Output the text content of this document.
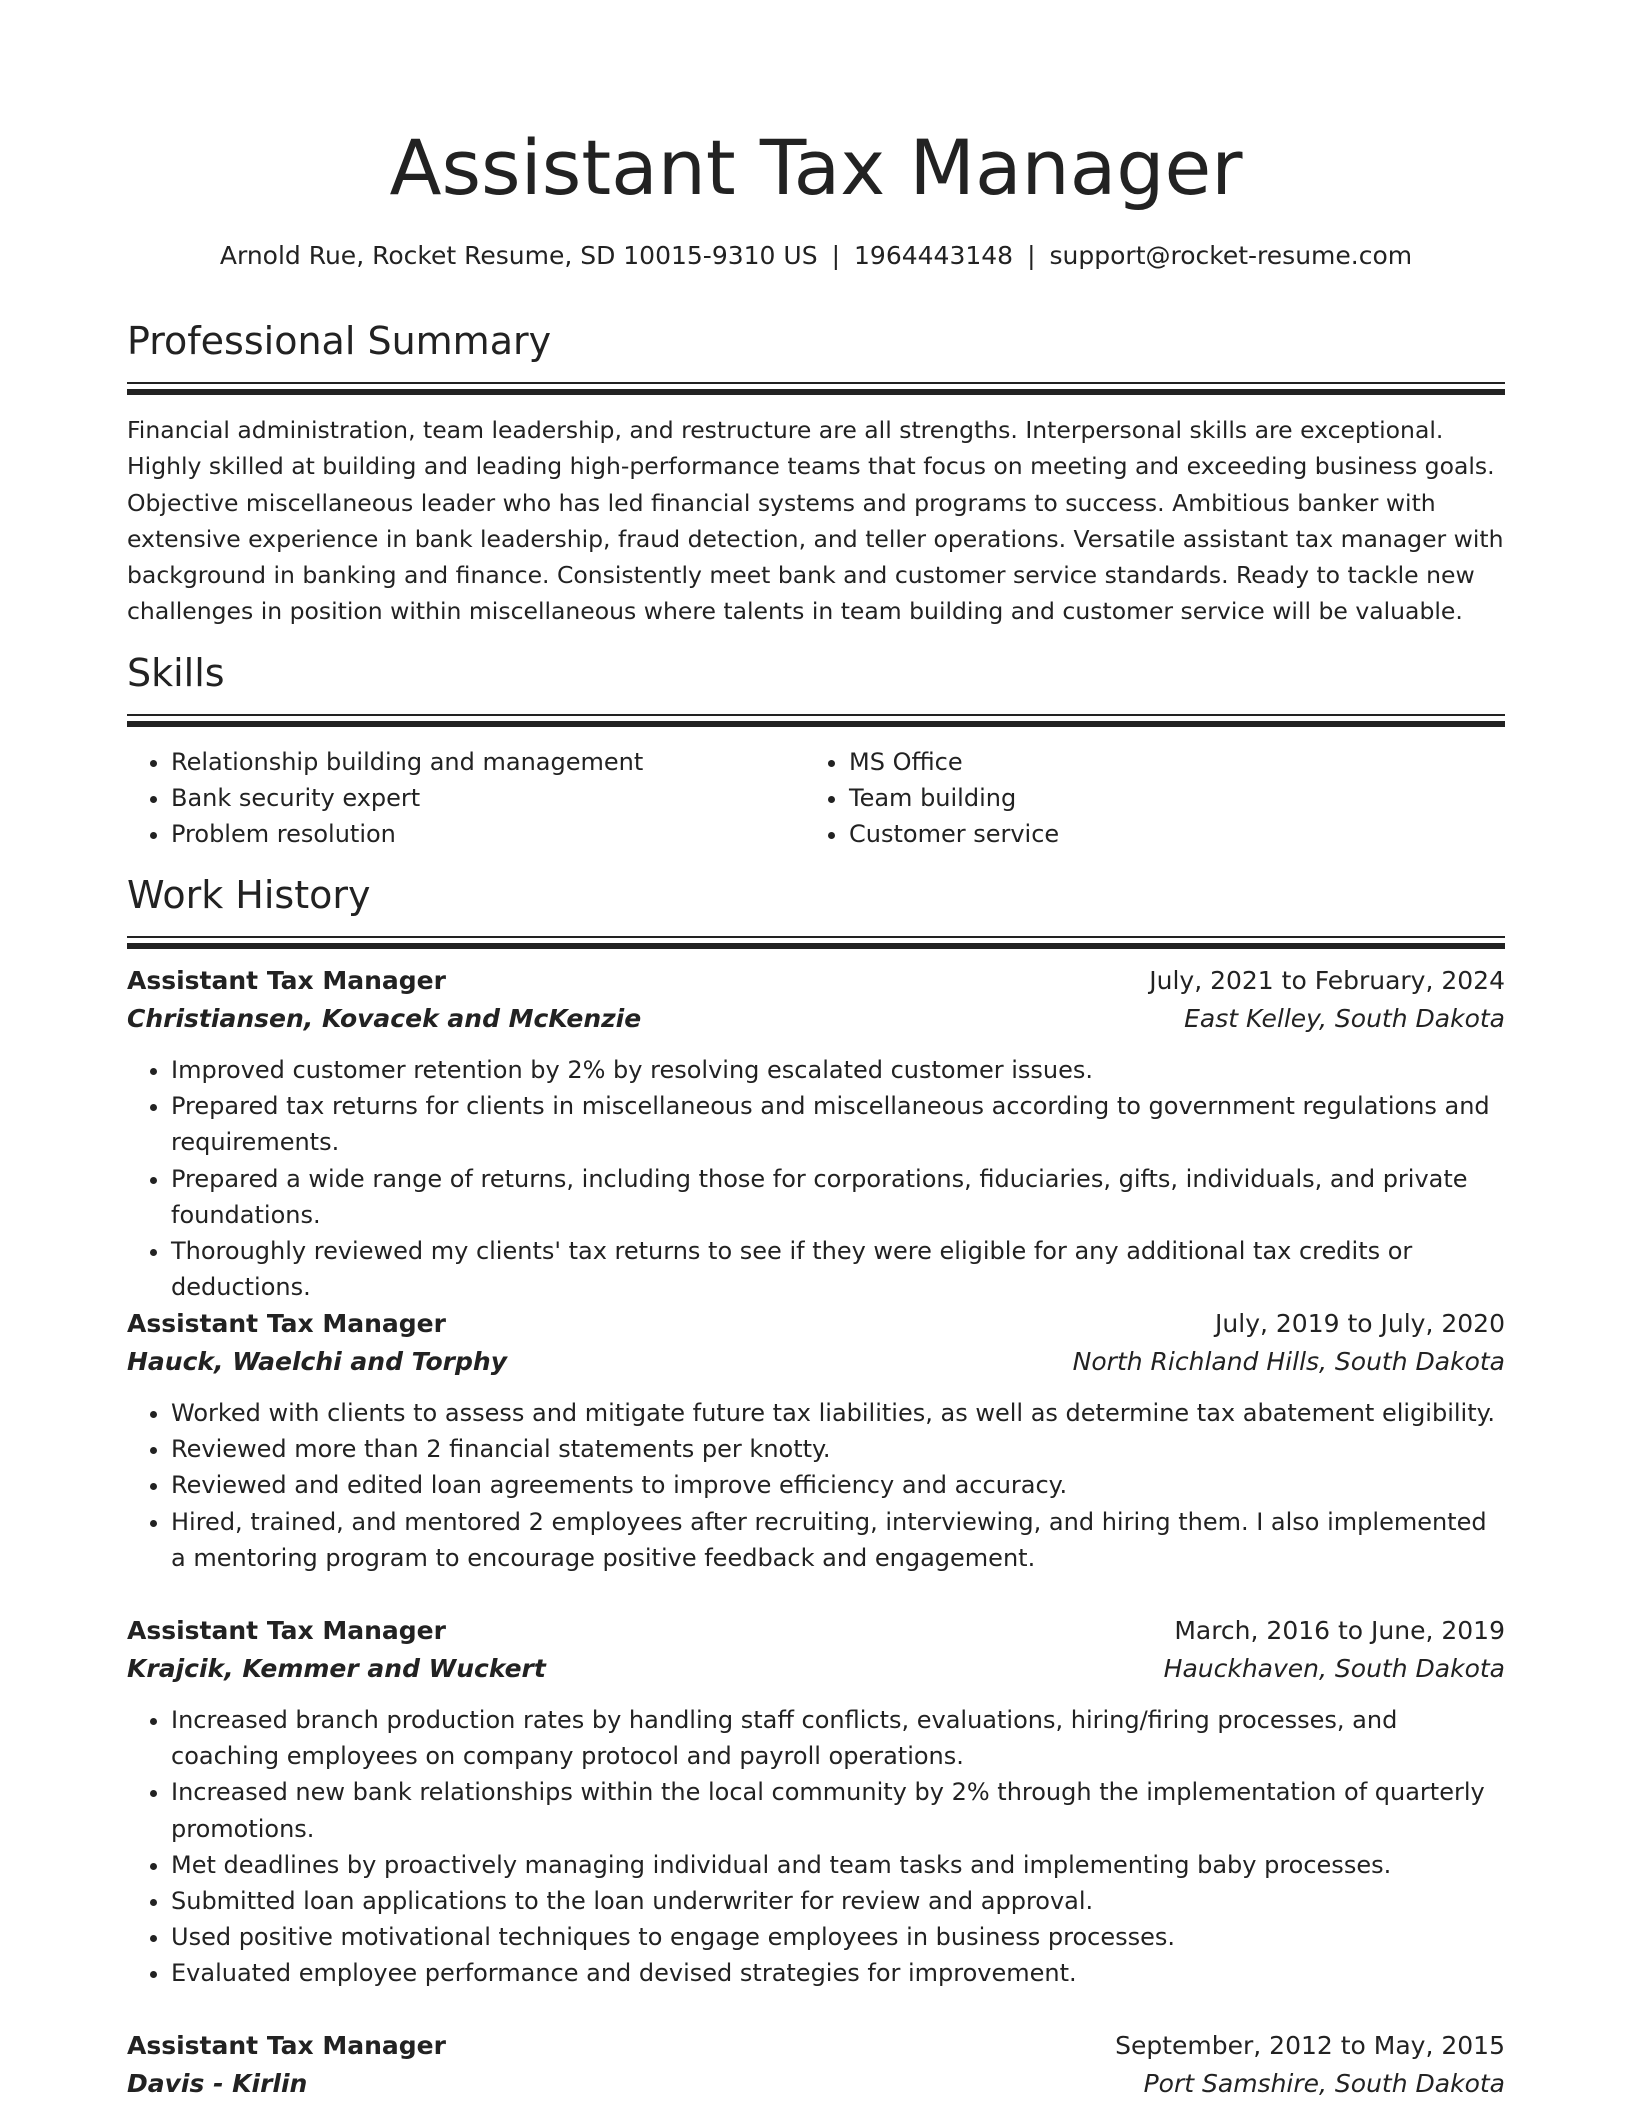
Assistant Tax Manager
Arnold Rue, Rocket Resume, SD 10015-9310 US | 1964443148 | support@rocket-resume.com
Professional Summary

Financial administration, team leadership, and restructure are all strengths. Interpersonal skills are exceptional. Highly skilled at building and leading high-performance teams that focus on meeting and exceeding business goals. Objective miscellaneous leader who has led financial systems and programs to success. Ambitious banker with extensive experience in bank leadership, fraud detection, and teller operations. Versatile assistant tax manager with background in banking and finance. Consistently meet bank and customer service standards. Ready to tackle new challenges in position within miscellaneous where talents in team building and customer service will be valuable.

Skills
• Relationship building and management
• Bank security expert
• Problem resolution
• MS Office
• Team building
• Customer service
Work History
Assistant Tax Manager	July, 2021 to February, 2024
Christiansen, Kovacek and McKenzie	East Kelley, South Dakota
• Improved customer retention by 2% by resolving escalated customer issues.
• Prepared tax returns for clients in miscellaneous and miscellaneous according to government regulations and requirements.
• Prepared a wide range of returns, including those for corporations, fiduciaries, gifts, individuals, and private foundations.
• Thoroughly reviewed my clients' tax returns to see if they were eligible for any additional tax credits or deductions.
Assistant Tax Manager	July, 2019 to July, 2020
Hauck, Waelchi and Torphy	North Richland Hills, South Dakota
• Worked with clients to assess and mitigate future tax liabilities, as well as determine tax abatement eligibility.
• Reviewed more than 2 financial statements per knotty.
• Reviewed and edited loan agreements to improve efficiency and accuracy.
• Hired, trained, and mentored 2 employees after recruiting, interviewing, and hiring them. I also implemented a mentoring program to encourage positive feedback and engagement.
Assistant Tax Manager	March, 2016 to June, 2019
Krajcik, Kemmer and Wuckert	Hauckhaven, South Dakota
• Increased branch production rates by handling staff conflicts, evaluations, hiring/firing processes, and coaching employees on company protocol and payroll operations.
• Increased new bank relationships within the local community by 2% through the implementation of quarterly promotions.
• Met deadlines by proactively managing individual and team tasks and implementing baby processes.
• Submitted loan applications to the loan underwriter for review and approval.
• Used positive motivational techniques to engage employees in business processes.
• Evaluated employee performance and devised strategies for improvement.
Assistant Tax Manager	September, 2012 to May, 2015
Davis - Kirlin	Port Samshire, South Dakota
